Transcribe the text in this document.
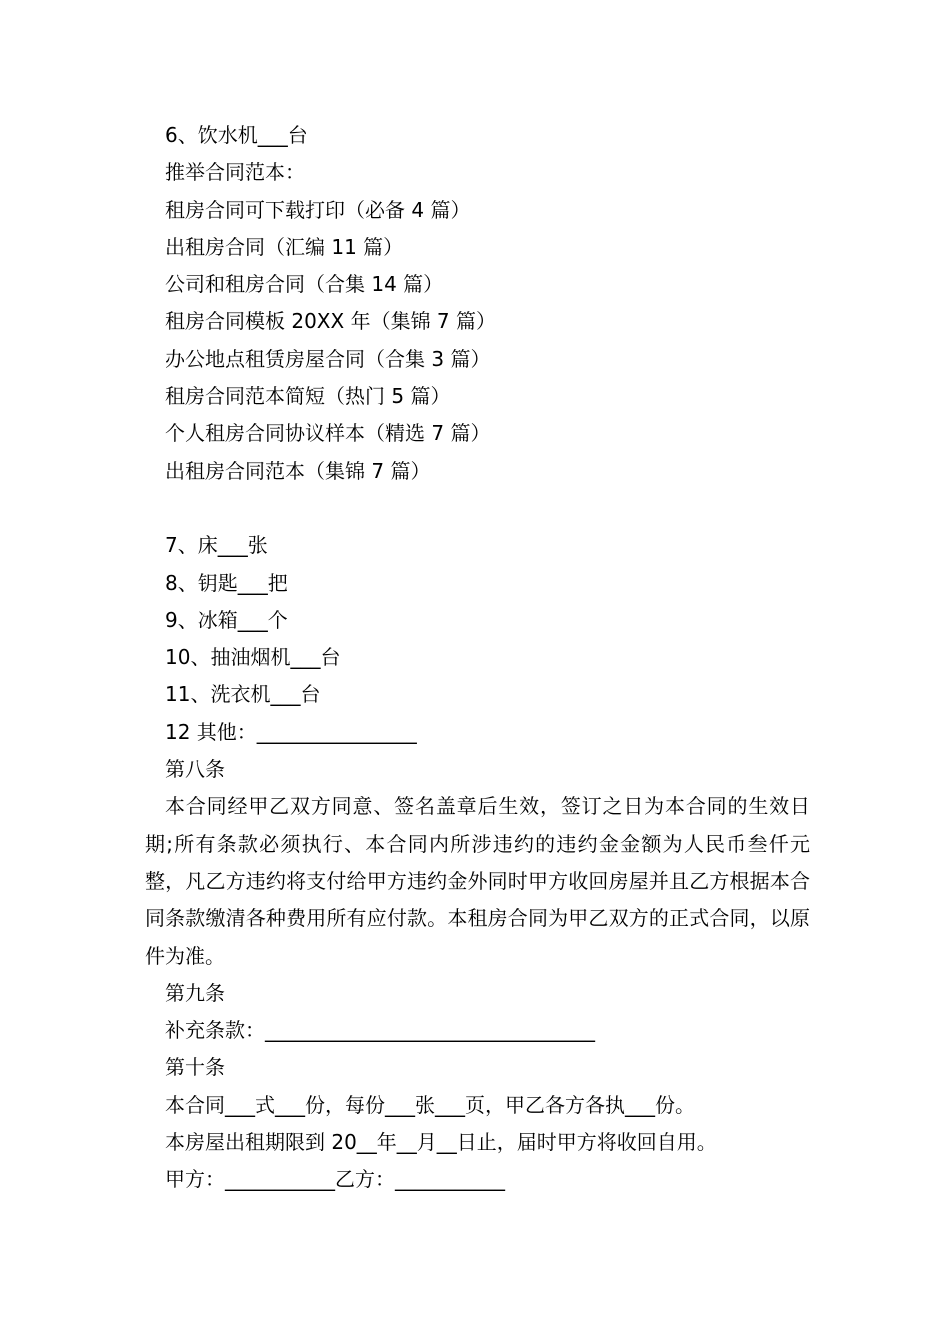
6、饮水机___台
推举合同范本：
租房合同可下载打印（必备 4 篇）
出租房合同（汇编 11 篇）
公司和租房合同（合集 14 篇）
租房合同模板 20XX 年（集锦 7 篇）
办公地点租赁房屋合同（合集 3 篇）
租房合同范本简短（热门 5 篇）
个人租房合同协议样本（精选 7 篇）
出租房合同范本（集锦 7 篇）
7、床___张
8、钥匙___把
9、冰箱___个
10、抽油烟机___台
11、洗衣机___台
12 其他：________________
第八条
本合同经甲乙双方同意、签名盖章后生效，签订之日为本合同的生效日期;所有条款必须执行、本合同内所涉违约的违约金金额为人民币叁仟元整，凡乙方违约将支付给甲方违约金外同时甲方收回房屋并且乙方根据本合同条款缴清各种费用所有应付款。本租房合同为甲乙双方的正式合同，以原件为准。
第九条
补充条款：_________________________________
第十条
本合同___式___份，每份___张___页，甲乙各方各执___份。
本房屋出租期限到 20__年__月__日止，届时甲方将收回自用。
甲方：___________乙方：___________
